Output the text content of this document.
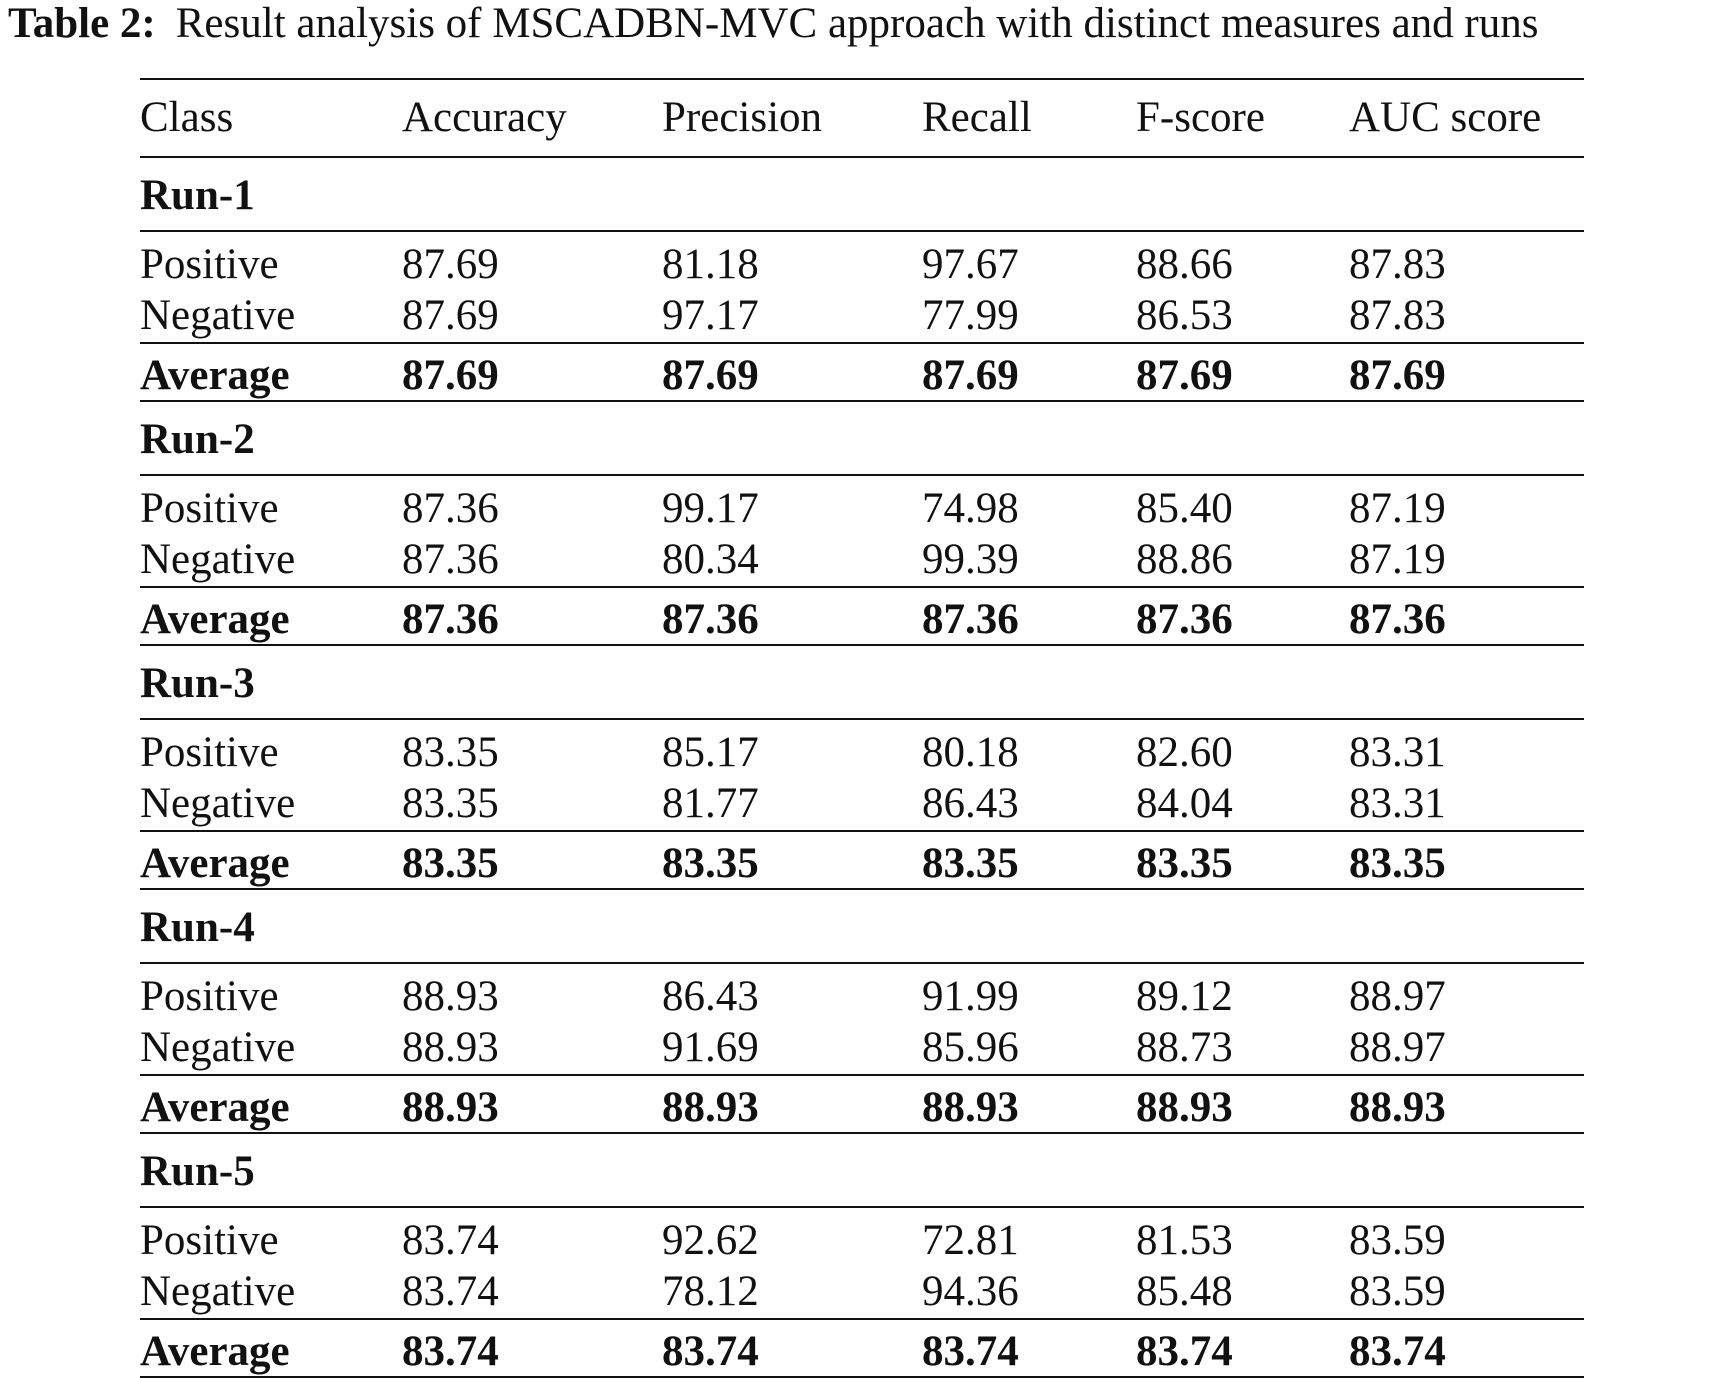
Table 2: Result analysis of MSCADBN-MVC approach with distinct measures and runs
Class	Accuracy	Precision	Recall	F-score	AUC score
Run-1					
Positive	87.69	81.18	97.67	88.66	87.83
Negative	87.69	97.17	77.99	86.53	87.83
Average	87.69	87.69	87.69	87.69	87.69
Run-2					
Positive	87.36	99.17	74.98	85.40	87.19
Negative	87.36	80.34	99.39	88.86	87.19
Average	87.36	87.36	87.36	87.36	87.36
Run-3					
Positive	83.35	85.17	80.18	82.60	83.31
Negative	83.35	81.77	86.43	84.04	83.31
Average	83.35	83.35	83.35	83.35	83.35
Run-4					
Positive	88.93	86.43	91.99	89.12	88.97
Negative	88.93	91.69	85.96	88.73	88.97
Average	88.93	88.93	88.93	88.93	88.93
Run-5					
Positive	83.74	92.62	72.81	81.53	83.59
Negative	83.74	78.12	94.36	85.48	83.59
Average	83.74	83.74	83.74	83.74	83.74
